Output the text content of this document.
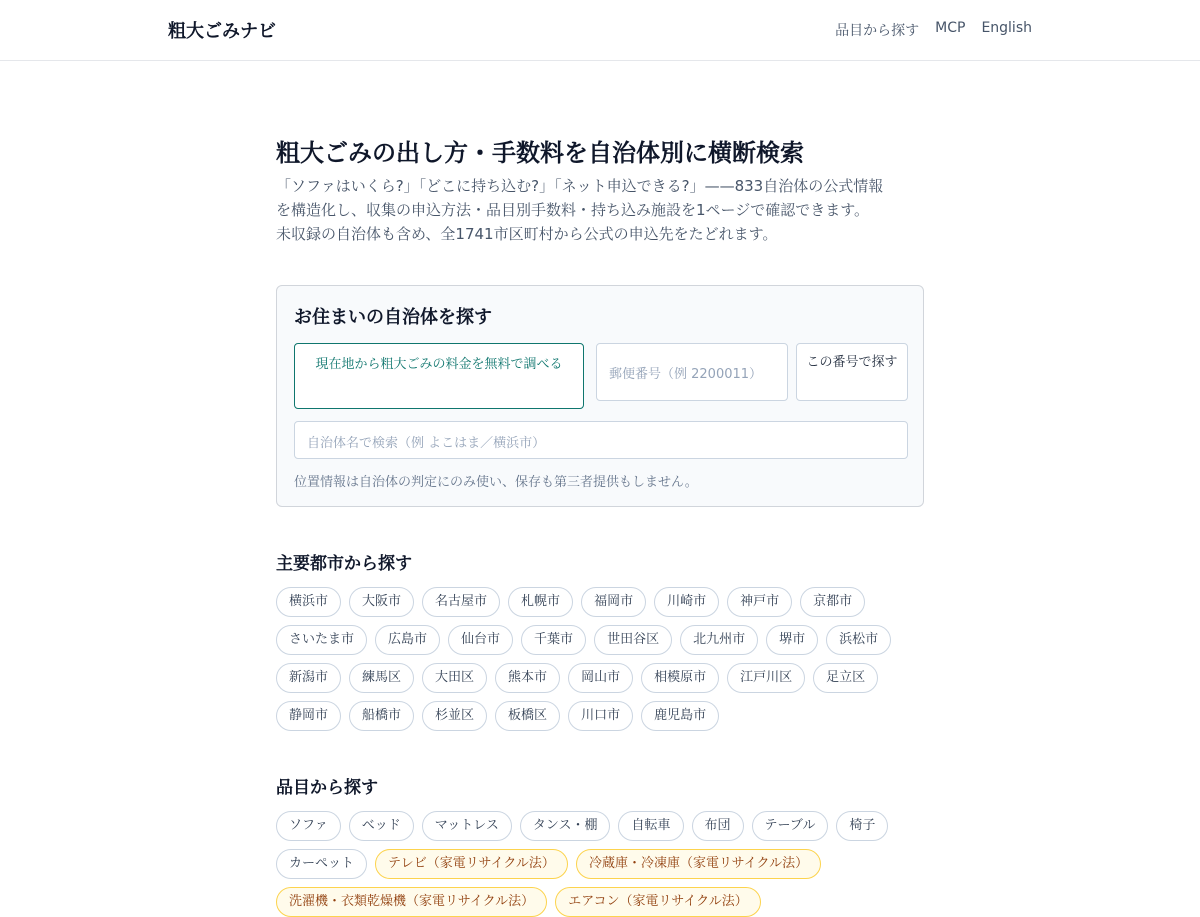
粗大ごみナビ	品目から探す MCP English
粗大ごみの出し方・手数料を自治体別に横断検索
「ソファはいくら?」「どこに持ち込む?」「ネット申込できる?」——833自治体の公式情報
を構造化し、収集の申込方法・品目別手数料・持ち込み施設を1ページで確認できます。
未収録の自治体も含め、全1741市区町村から公式の申込先をたどれます。
お住まいの自治体を探す
現在地から粗大ごみの料金を無料で調べる
郵便番号（例 2200011）
この番号で探す
自治体名で検索（例 よこはま／横浜市）

位置情報は自治体の判定にのみ使い、保存も第三者提供もしません。

主要都市から探す
横浜市	大阪市	名古屋市	札幌市	福岡市	川崎市	神戸市	京都市
さいたま市	広島市	仙台市	千葉市	世田谷区	北九州市	堺市	浜松市
新潟市	練馬区	大田区	熊本市	岡山市	相模原市	江戸川区	足立区
静岡市	船橋市	杉並区	板橋区	川口市	鹿児島市
品目から探す
ソファ	ベッド	マットレス	タンス・棚	自転車	布団	テーブル	椅子
カーペット	テレビ（家電リサイクル法）	冷蔵庫・冷凍庫（家電リサイクル法）
洗濯機・衣類乾燥機（家電リサイクル法）	エアコン（家電リサイクル法）
